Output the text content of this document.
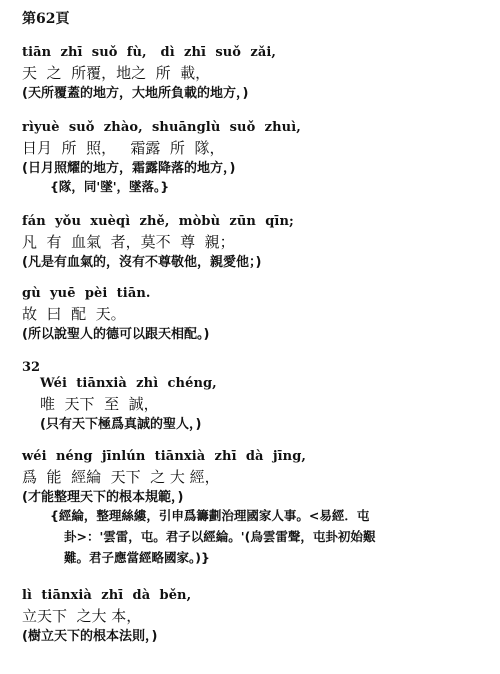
第62頁
tiān  zhī  suǒ  fù,   dì  zhī  suǒ  zǎi,
天  之  所覆，地之  所  載，
(天所覆蓋的地方，大地所負載的地方，)
rìyuè  suǒ  zhào,  shuānglù  suǒ  zhuì,
日月  所  照，   霜露  所  隊，
(日月照耀的地方，霜露降落的地方，)
{隊，同'墜'，墜落。}
fán  yǒu  xuèqì  zhě,  mòbù  zūn  qīn;
凡  有  血氣  者，莫不  尊  親；
(凡是有血氣的，沒有不尊敬他，親愛他；)
gù  yuē  pèi  tiān.
故  曰  配  天。
(所以說聖人的德可以跟天相配。)
32
Wéi  tiānxià  zhì  chéng,
唯  天下  至  誠，
(只有天下極爲真誠的聖人，)
wéi  néng  jīnlún  tiānxià  zhī  dà  jīng,
爲  能  經綸  天下  之 大 經，
(才能整理天下的根本規範，)
{經綸，整理絲縷，引申爲籌劃治理國家人事。<易經．屯
卦>：'雲雷，屯。君子以經綸。'(烏雲雷聲，屯卦初始艱
難。君子應當經略國家。)}
lì  tiānxià  zhī  dà  běn,
立天下  之大 本，
(樹立天下的根本法則，)
